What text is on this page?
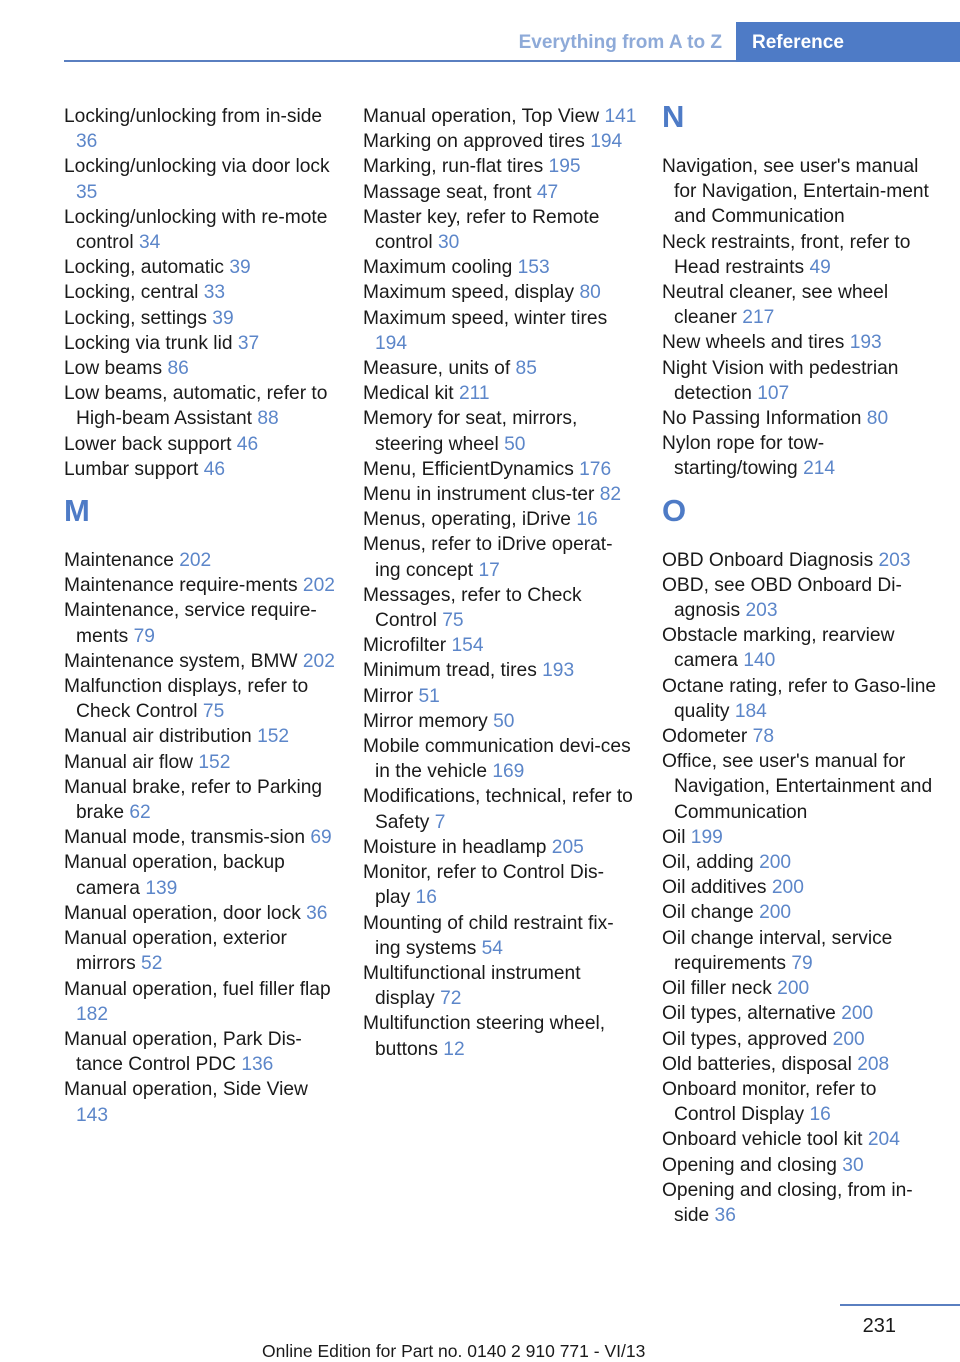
Everything from A to Z	Reference
Locking/unlocking from in-side 36
Locking/unlocking via door lock 35
Locking/unlocking with re-mote control 34
Locking, automatic 39
Locking, central 33
Locking, settings 39
Locking via trunk lid 37
Low beams 86
Low beams, automatic, refer to High-beam Assistant 88
Lower back support 46
Lumbar support 46
M
Maintenance 202
Maintenance require-ments 202
Maintenance, service require-ments 79
Maintenance system, BMW 202
Malfunction displays, refer to Check Control 75
Manual air distribution 152
Manual air flow 152
Manual brake, refer to Parking brake 62
Manual mode, transmis-sion 69
Manual operation, backup camera 139
Manual operation, door lock 36
Manual operation, exterior mirrors 52
Manual operation, fuel filler flap 182
Manual operation, Park Dis-tance Control PDC 136
Manual operation, Side View 143
Manual operation, Top View 141
Marking on approved tires 194
Marking, run-flat tires 195
Massage seat, front 47
Master key, refer to Remote control 30
Maximum cooling 153
Maximum speed, display 80
Maximum speed, winter tires 194
Measure, units of 85
Medical kit 211
Memory for seat, mirrors, steering wheel 50
Menu, EfficientDynamics 176
Menu in instrument clus-ter 82
Menus, operating, iDrive 16
Menus, refer to iDrive operat-ing concept 17
Messages, refer to Check Control 75
Microfilter 154
Minimum tread, tires 193
Mirror 51
Mirror memory 50
Mobile communication devi-ces in the vehicle 169
Modifications, technical, refer to Safety 7
Moisture in headlamp 205
Monitor, refer to Control Dis-play 16
Mounting of child restraint fix-ing systems 54
Multifunctional instrument display 72
Multifunction steering wheel, buttons 12
N
Navigation, see user's manual for Navigation, Entertain-ment and Communication
Neck restraints, front, refer to Head restraints 49
Neutral cleaner, see wheel cleaner 217
New wheels and tires 193
Night Vision with pedestrian detection 107
No Passing Information 80
Nylon rope for tow-starting/towing 214
O
OBD Onboard Diagnosis 203
OBD, see OBD Onboard Di-agnosis 203
Obstacle marking, rearview camera 140
Octane rating, refer to Gaso-line quality 184
Odometer 78
Office, see user's manual for Navigation, Entertainment and Communication
Oil 199
Oil, adding 200
Oil additives 200
Oil change 200
Oil change interval, service requirements 79
Oil filler neck 200
Oil types, alternative 200
Oil types, approved 200
Old batteries, disposal 208
Onboard monitor, refer to Control Display 16
Onboard vehicle tool kit 204
Opening and closing 30
Opening and closing, from in-side 36
231
Online Edition for Part no. 0140 2 910 771 - VI/13
